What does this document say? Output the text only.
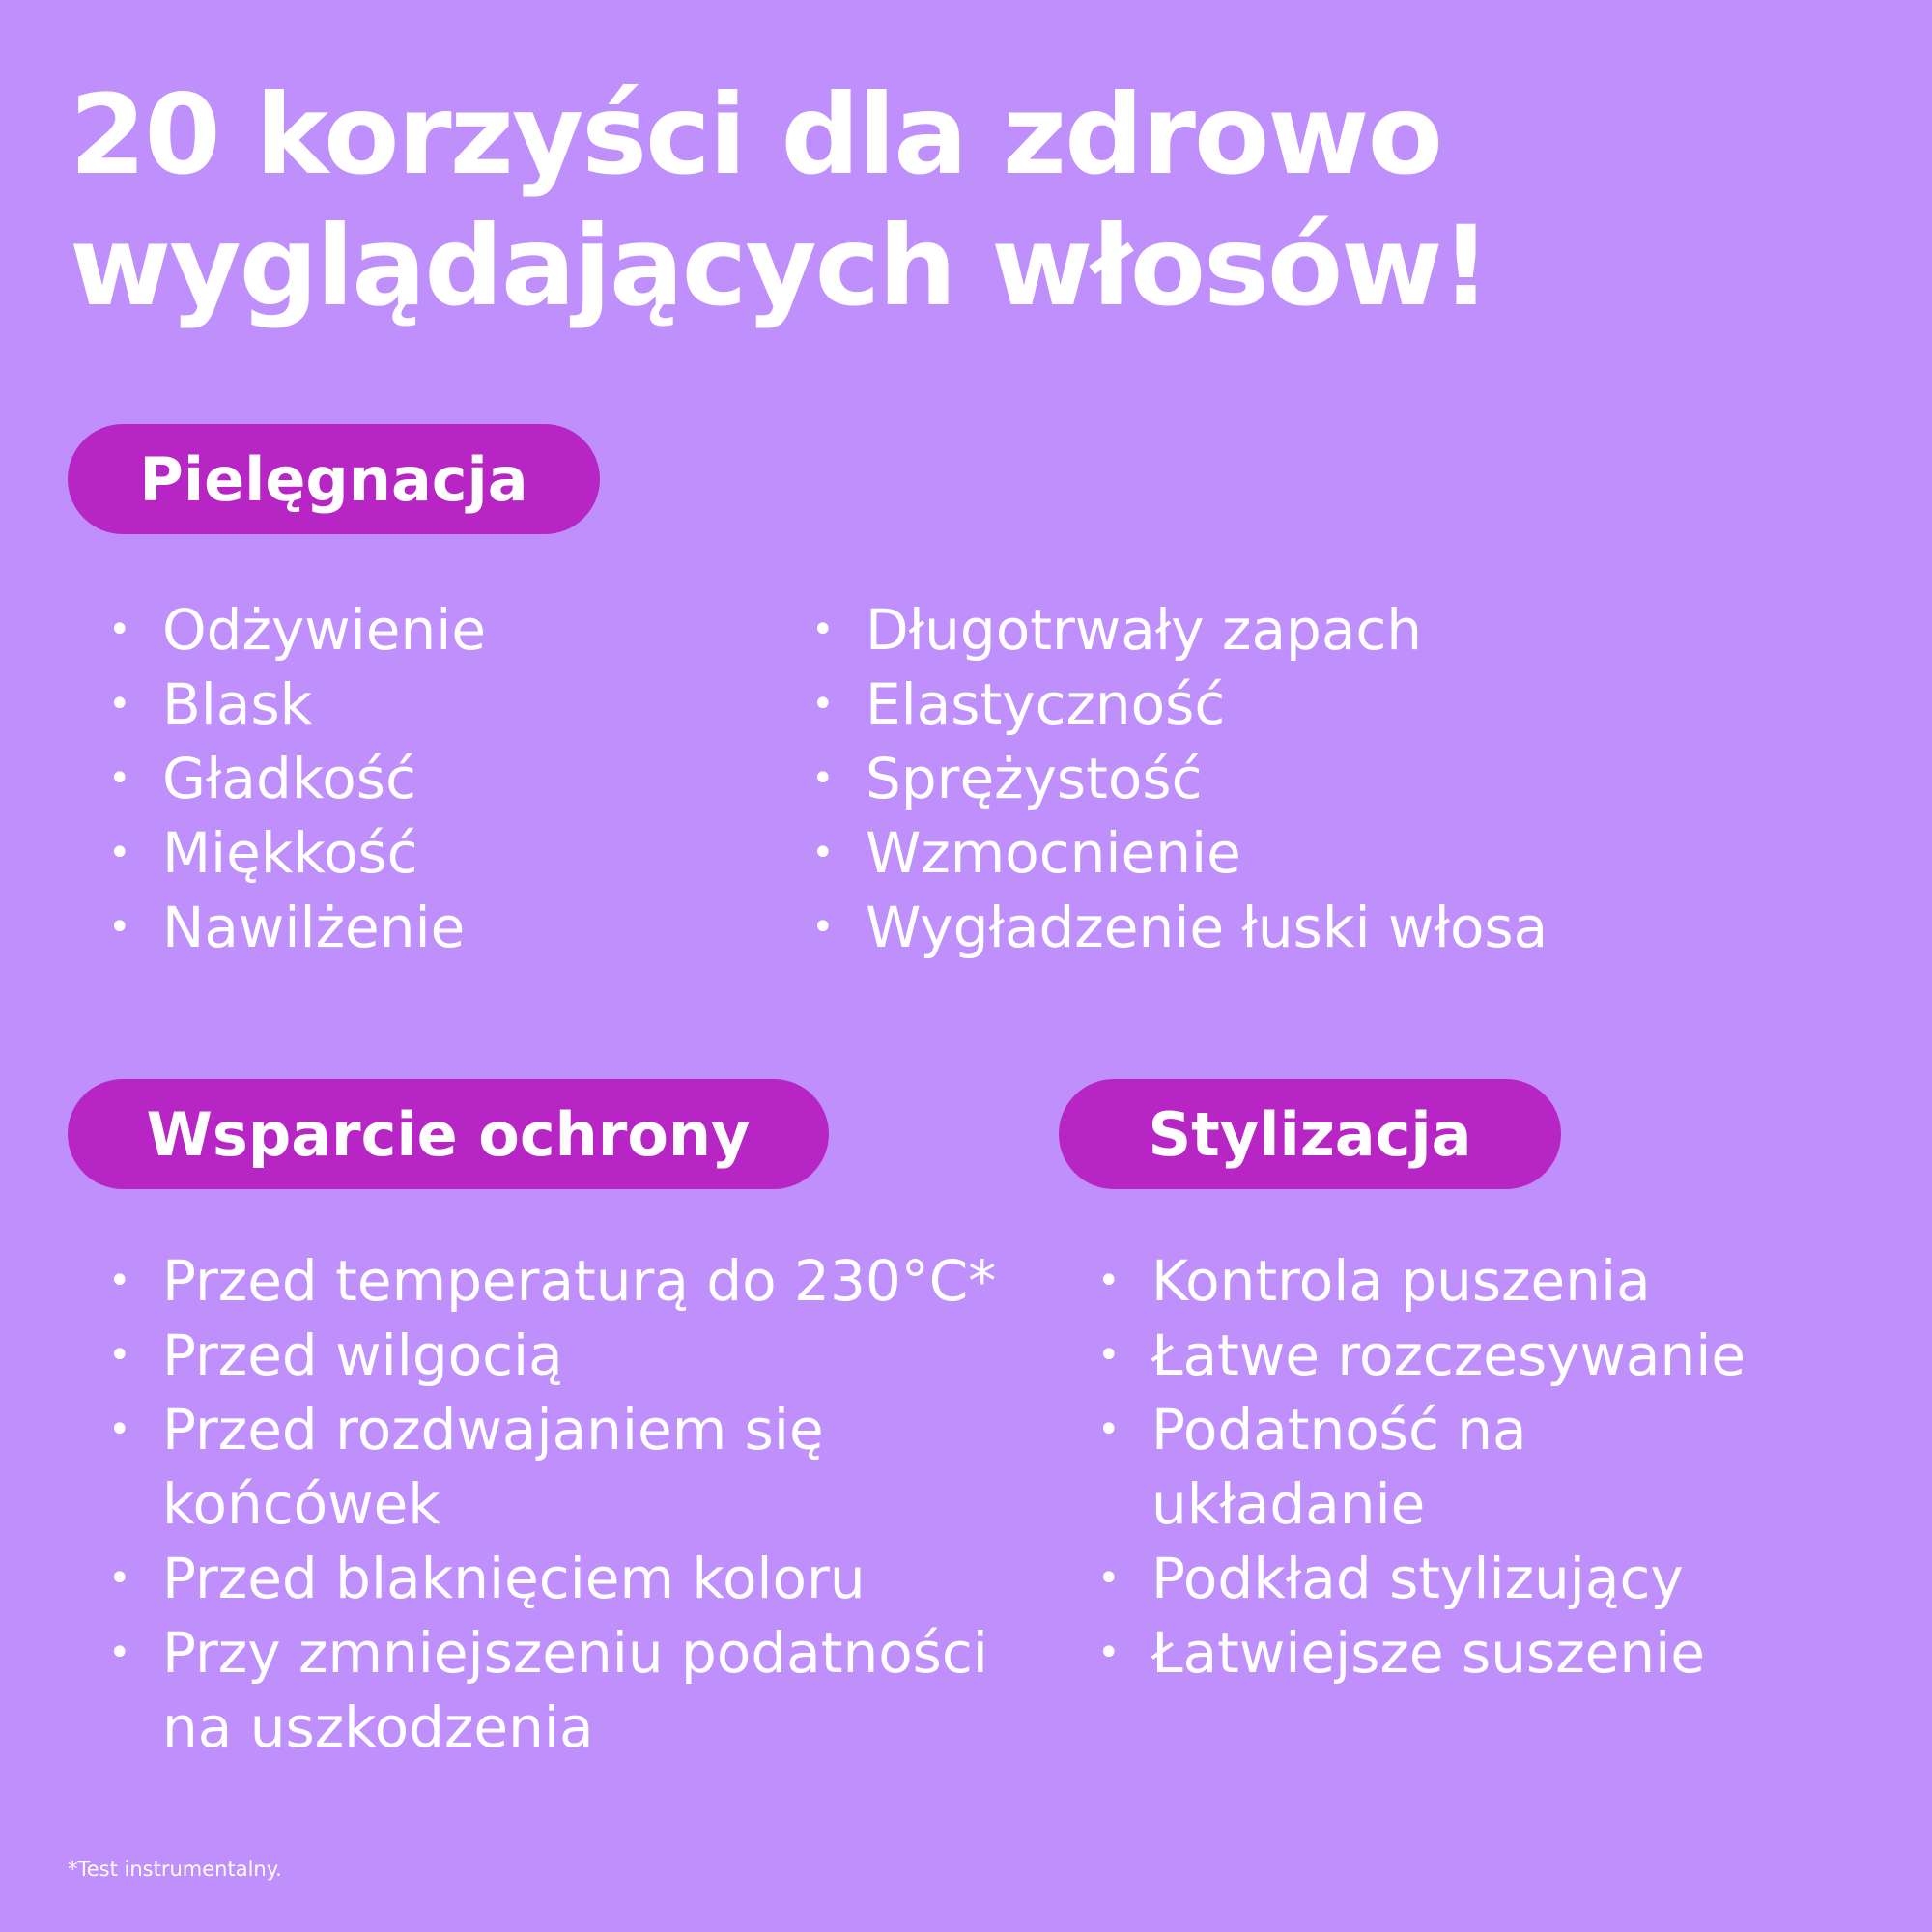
20 korzyści dla zdrowo
wyglądających włosów!
Pielęgnacja
• Odżywienie
• Blask
• Gładkość
• Miękkość
• Nawilżenie
• Długotrwały zapach
• Elastyczność
• Sprężystość
• Wzmocnienie
• Wygładzenie łuski włosa
Wsparcie ochrony
• Przed temperaturą do 230°C*
• Przed wilgocią
• Przed rozdwajaniem się końcówek
• Przed blaknięciem koloru
• Przy zmniejszeniu podatności na uszkodzenia
Stylizacja
• Kontrola puszenia
• Łatwe rozczesywanie
• Podatność na układanie
• Podkład stylizujący
• Łatwiejsze suszenie
*Test instrumentalny.
